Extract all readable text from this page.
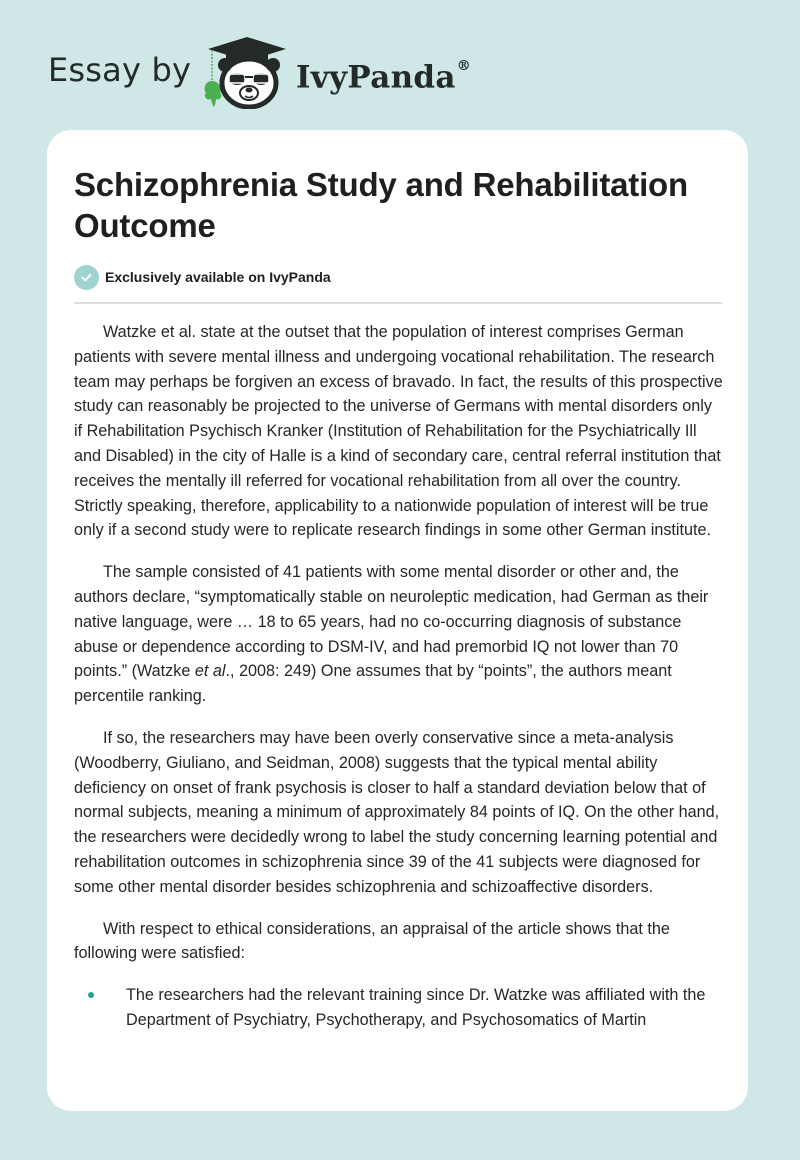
Essay by	IvyPanda®
Schizophrenia Study and Rehabilitation Outcome
Exclusively available on IvyPanda

Watzke et al. state at the outset that the population of interest comprises German patients with severe mental illness and undergoing vocational rehabilitation. The research team may perhaps be forgiven an excess of bravado. In fact, the results of this prospective study can reasonably be projected to the universe of Germans with mental disorders only if Rehabilitation Psychisch Kranker (Institution of Rehabilitation for the Psychiatrically Ill and Disabled) in the city of Halle is a kind of secondary care, central referral institution that receives the mentally ill referred for vocational rehabilitation from all over the country. Strictly speaking, therefore, applicability to a nationwide population of interest will be true only if a second study were to replicate research findings in some other German institute.

The sample consisted of 41 patients with some mental disorder or other and, the authors declare, “symptomatically stable on neuroleptic medication, had German as their native language, were … 18 to 65 years, had no co-occurring diagnosis of substance abuse or dependence according to DSM-IV, and had premorbid IQ not lower than 70 points.” (Watzke et al., 2008: 249) One assumes that by “points”, the authors meant percentile ranking.

If so, the researchers may have been overly conservative since a meta-analysis (Woodberry, Giuliano, and Seidman, 2008) suggests that the typical mental ability deficiency on onset of frank psychosis is closer to half a standard deviation below that of normal subjects, meaning a minimum of approximately 84 points of IQ. On the other hand, the researchers were decidedly wrong to label the study concerning learning potential and rehabilitation outcomes in schizophrenia since 39 of the 41 subjects were diagnosed for some other mental disorder besides schizophrenia and schizoaffective disorders.

With respect to ethical considerations, an appraisal of the article shows that the following were satisfied:

The researchers had the relevant training since Dr. Watzke was affiliated with the Department of Psychiatry, Psychotherapy, and Psychosomatics of Martin
